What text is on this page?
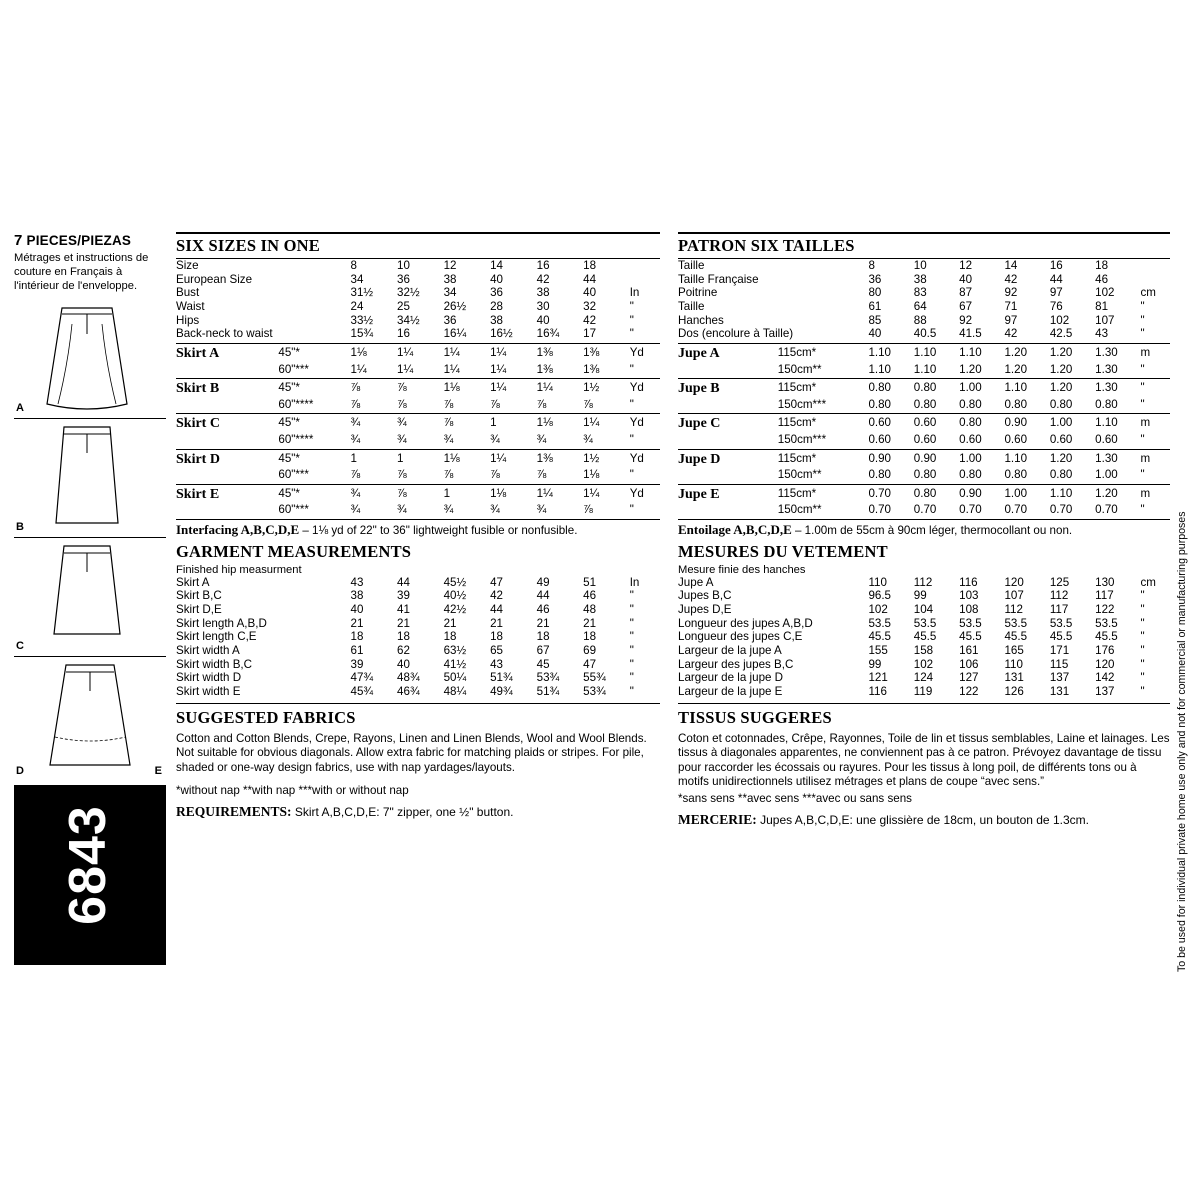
7 PIECES/PIEZAS
Métrages et instructions de couture en Français à l'intérieur de l'enveloppe.
A
B
C
D	E
6843
SIX SIZES IN ONE
Size	8	10	12	14	16	18	
European Size	34	36	38	40	42	44	
Bust	31½	32½	34	36	38	40	In
Waist	24	25	26½	28	30	32	"
Hips	33½	34½	36	38	40	42	"
Back-neck to waist	15¾	16	16¼	16½	16¾	17	"
Skirt A	45"*	1⅛	1¼	1¼	1¼	1⅜	1⅜	Yd
	60"***	1¼	1¼	1¼	1¼	1⅜	1⅜	"
Skirt B	45"*	⅞	⅞	1⅛	1¼	1¼	1½	Yd
	60"****	⅞	⅞	⅞	⅞	⅞	⅞	"
Skirt C	45"*	¾	¾	⅞	1	1⅛	1¼	Yd
	60"****	¾	¾	¾	¾	¾	¾	"
Skirt D	45"*	1	1	1⅛	1¼	1⅜	1½	Yd
	60"***	⅞	⅞	⅞	⅞	⅞	1⅛	"
Skirt E	45"*	¾	⅞	1	1⅛	1¼	1¼	Yd
	60"***	¾	¾	¾	¾	¾	⅞	"
Interfacing A,B,C,D,E – 1⅛ yd of 22" to 36" lightweight fusible or nonfusible.
GARMENT MEASUREMENTS
Finished hip measurment
Skirt A	43	44	45½	47	49	51	In
Skirt B,C	38	39	40½	42	44	46	"
Skirt D,E	40	41	42½	44	46	48	"
Skirt length A,B,D	21	21	21	21	21	21	"
Skirt length C,E	18	18	18	18	18	18	"
Skirt width A	61	62	63½	65	67	69	"
Skirt width B,C	39	40	41½	43	45	47	"
Skirt width D	47¾	48¾	50¼	51¾	53¾	55¾	"
Skirt width E	45¾	46¾	48¼	49¾	51¾	53¾	"
SUGGESTED FABRICS
Cotton and Cotton Blends, Crepe, Rayons, Linen and Linen Blends, Wool and Wool Blends. Not suitable for obvious diagonals. Allow extra fabric for matching plaids or stripes. For pile, shaded or one-way design fabrics, use with nap yardages/layouts.
*without nap **with nap ***with or without nap
REQUIREMENTS: Skirt A,B,C,D,E: 7" zipper, one ½" button.
PATRON SIX TAILLES
Taille	8	10	12	14	16	18	
Taille Française	36	38	40	42	44	46	
Poitrine	80	83	87	92	97	102	cm
Taille	61	64	67	71	76	81	"
Hanches	85	88	92	97	102	107	"
Dos (encolure à Taille)	40	40.5	41.5	42	42.5	43	"
Jupe A	115cm*	1.10	1.10	1.10	1.20	1.20	1.30	m
	150cm**	1.10	1.10	1.20	1.20	1.20	1.30	"
Jupe B	115cm*	0.80	0.80	1.00	1.10	1.20	1.30	"
	150cm***	0.80	0.80	0.80	0.80	0.80	0.80	"
Jupe C	115cm*	0.60	0.60	0.80	0.90	1.00	1.10	m
	150cm***	0.60	0.60	0.60	0.60	0.60	0.60	"
Jupe D	115cm*	0.90	0.90	1.00	1.10	1.20	1.30	m
	150cm**	0.80	0.80	0.80	0.80	0.80	1.00	"
Jupe E	115cm*	0.70	0.80	0.90	1.00	1.10	1.20	m
	150cm**	0.70	0.70	0.70	0.70	0.70	0.70	"
Entoilage A,B,C,D,E – 1.00m de 55cm à 90cm léger, thermocollant ou non.
MESURES DU VETEMENT
Mesure finie des hanches
Jupe A	110	112	116	120	125	130	cm
Jupes B,C	96.5	99	103	107	112	117	"
Jupes D,E	102	104	108	112	117	122	"
Longueur des jupes A,B,D	53.5	53.5	53.5	53.5	53.5	53.5	"
Longueur des jupes C,E	45.5	45.5	45.5	45.5	45.5	45.5	"
Largeur de la jupe A	155	158	161	165	171	176	"
Largeur des jupes B,C	99	102	106	110	115	120	"
Largeur de la jupe D	121	124	127	131	137	142	"
Largeur de la jupe E	116	119	122	126	131	137	"
TISSUS SUGGERES
Coton et cotonnades, Crêpe, Rayonnes, Toile de lin et tissus semblables, Laine et lainages. Les tissus à diagonales apparentes, ne conviennent pas à ce patron. Prévoyez davantage de tissu pour raccorder les écossais ou rayures. Pour les tissus à long poil, de différents tons ou à motifs unidirectionnels utilisez métrages et plans de coupe “avec sens.”
*sans sens **avec sens ***avec ou sans sens
MERCERIE: Jupes A,B,C,D,E: une glissière de 18cm, un bouton de 1.3cm.	To be used for individual private home use only and not for commercial or manufacturing purposes
